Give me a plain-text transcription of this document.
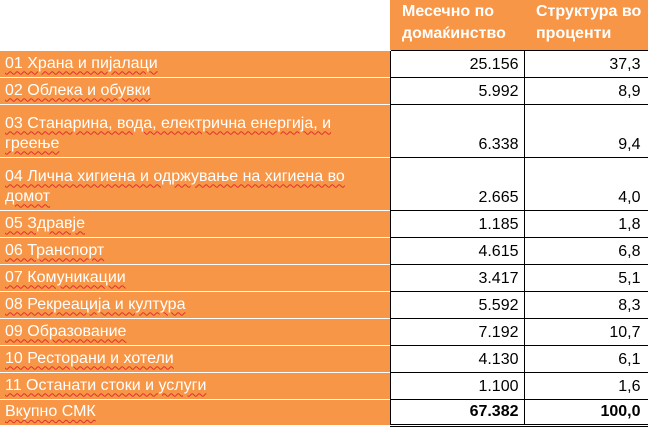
	Месечно по домаќинство	Структура во проценти
01 Храна и пијалаци	25.156	37,3
02 Облека и обувки	5.992	8,9
03 Станарина, вода, електрична енергија, и греење	6.338	9,4
04 Лична хигиена и одржување на хигиена во домот	2.665	4,0
05 Здравје	1.185	1,8
06 Транспорт	4.615	6,8
07 Комуникации	3.417	5,1
08 Рекреација и култура	5.592	8,3
09 Образование	7.192	10,7
10 Ресторани и хотели	4.130	6,1
11 Останати стоки и услуги	1.100	1,6
Вкупно СМК	67.382	100,0
